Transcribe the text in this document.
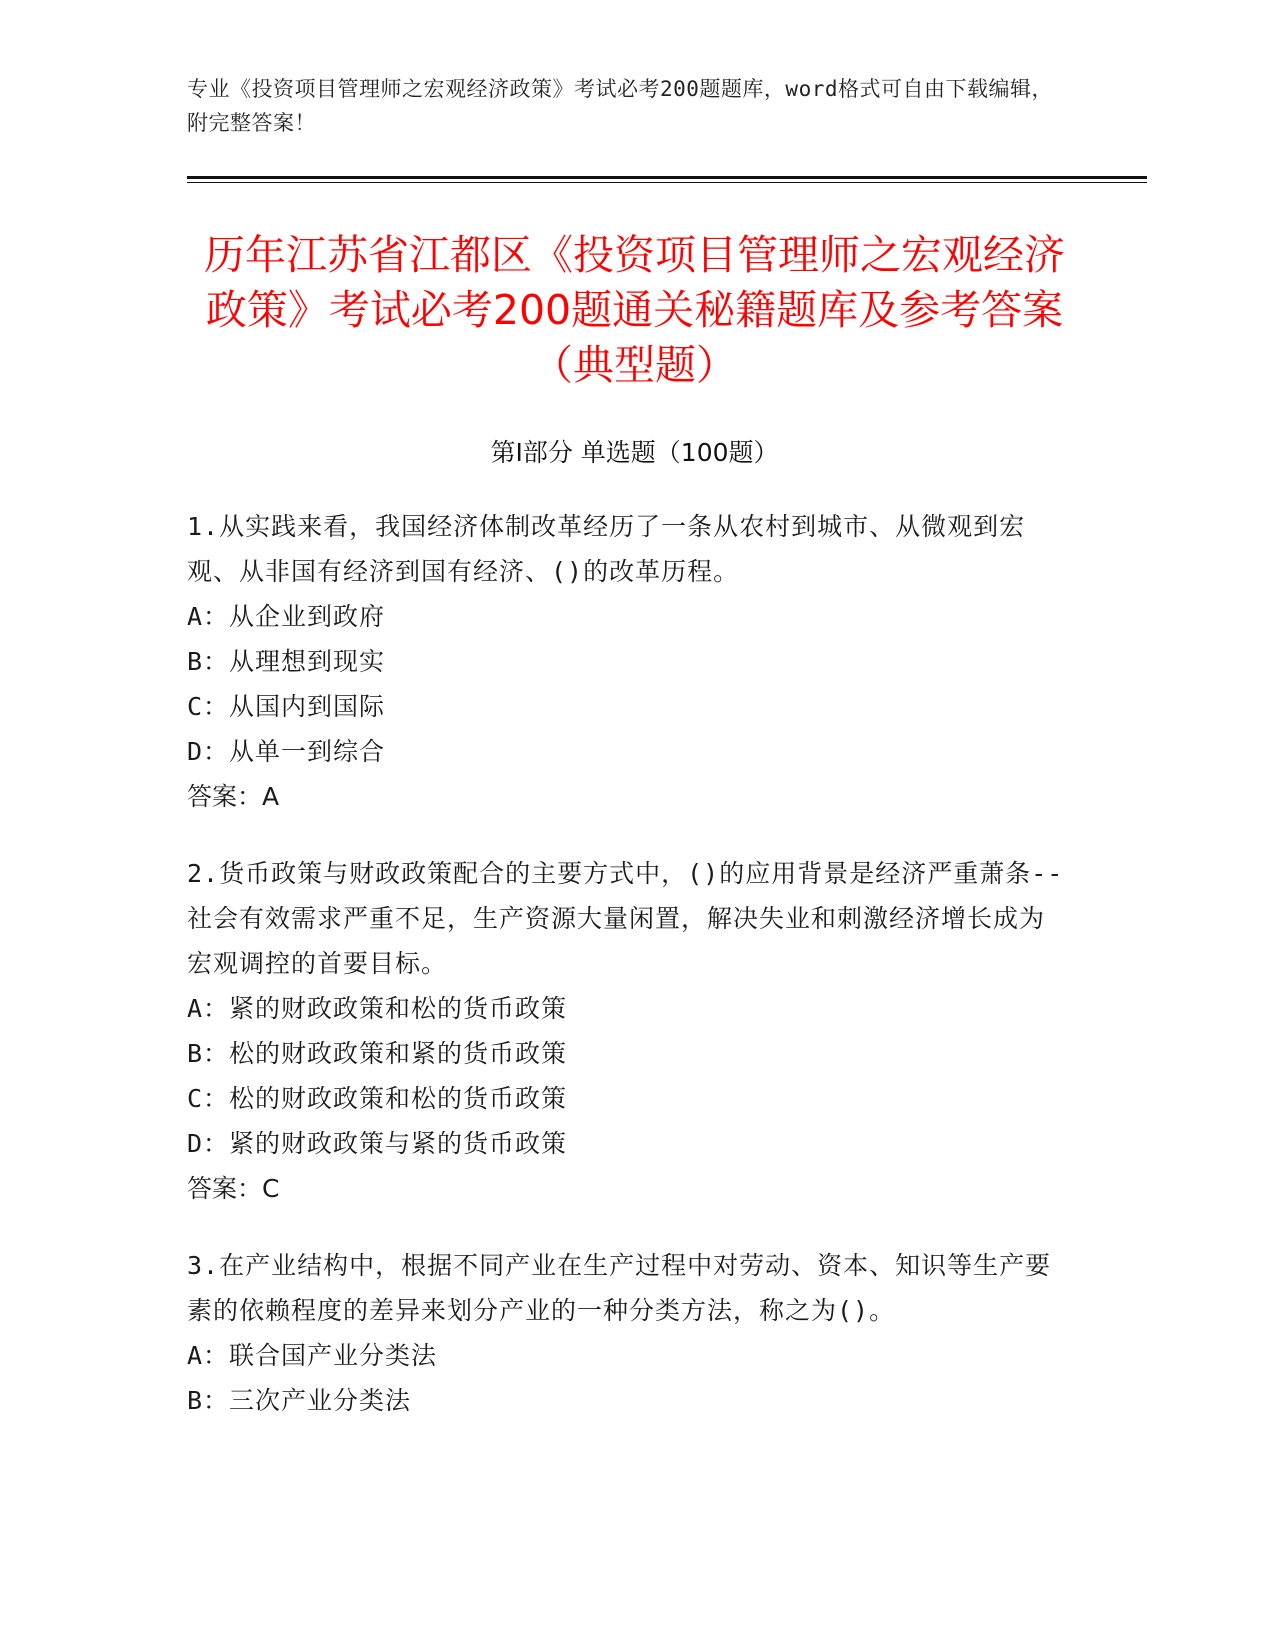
专业《投资项目管理师之宏观经济政策》考试必考200题题库，word格式可自由下载编辑，附完整答案！
历年江苏省江都区《投资项目管理师之宏观经济政策》考试必考200题通关秘籍题库及参考答案（典型题）
第I部分 单选题（100题）
1.从实践来看，我国经济体制改革经历了一条从农村到城市、从微观到宏观、从非国有经济到国有经济、()的改革历程。
A：从企业到政府
B：从理想到现实
C：从国内到国际
D：从单一到综合
答案：A
2.货币政策与财政政策配合的主要方式中，()的应用背景是经济严重萧条--社会有效需求严重不足，生产资源大量闲置，解决失业和刺激经济增长成为宏观调控的首要目标。
A：紧的财政政策和松的货币政策
B：松的财政政策和紧的货币政策
C：松的财政政策和松的货币政策
D：紧的财政政策与紧的货币政策
答案：C
3.在产业结构中，根据不同产业在生产过程中对劳动、资本、知识等生产要素的依赖程度的差异来划分产业的一种分类方法，称之为()。
A：联合国产业分类法
B：三次产业分类法
